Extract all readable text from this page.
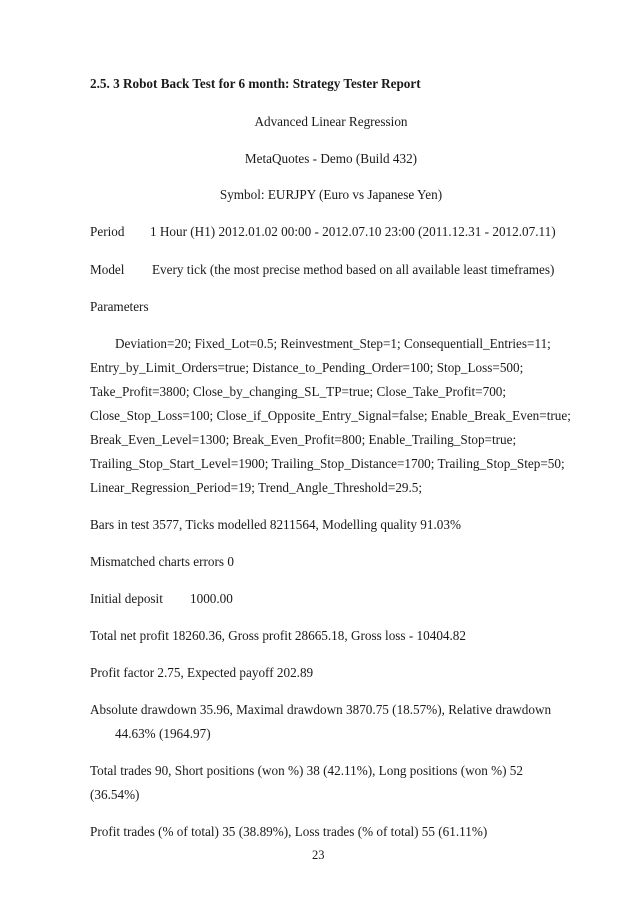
2.5. 3 Robot Back Test for 6 month: Strategy Tester Report
Advanced Linear Regression
MetaQuotes - Demo (Build 432)
Symbol: EURJPY (Euro vs Japanese Yen)
Period 1 Hour (H1) 2012.01.02 00:00 - 2012.07.10 23:00 (2011.12.31 - 2012.07.11)
Model Every tick (the most precise method based on all available least timeframes)
Parameters
Deviation=20; Fixed_Lot=0.5; Reinvestment_Step=1; Consequentiall_Entries=11;
Entry_by_Limit_Orders=true; Distance_to_Pending_Order=100; Stop_Loss=500;
Take_Profit=3800; Close_by_changing_SL_TP=true; Close_Take_Profit=700;
Close_Stop_Loss=100; Close_if_Opposite_Entry_Signal=false; Enable_Break_Even=true;
Break_Even_Level=1300; Break_Even_Profit=800; Enable_Trailing_Stop=true;
Trailing_Stop_Start_Level=1900; Trailing_Stop_Distance=1700; Trailing_Stop_Step=50;
Linear_Regression_Period=19; Trend_Angle_Threshold=29.5;
Bars in test 3577, Ticks modelled 8211564, Modelling quality 91.03%
Mismatched charts errors 0
Initial deposit 1000.00
Total net profit 18260.36, Gross profit 28665.18, Gross loss - 10404.82
Profit factor 2.75, Expected payoff 202.89
Absolute drawdown 35.96, Maximal drawdown 3870.75 (18.57%), Relative drawdown
44.63% (1964.97)
Total trades 90, Short positions (won %) 38 (42.11%), Long positions (won %) 52
(36.54%)
Profit trades (% of total) 35 (38.89%), Loss trades (% of total) 55 (61.11%)
23
